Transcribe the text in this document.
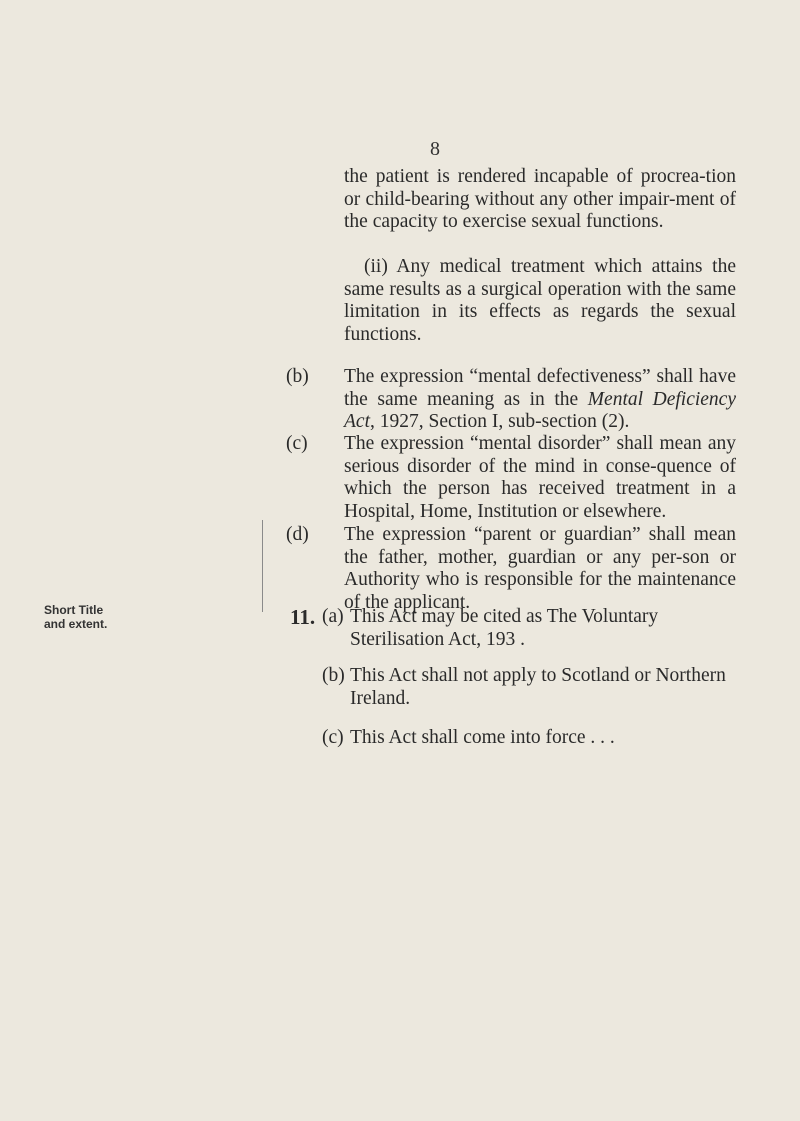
8

the patient is rendered incapable of procrea-tion or child-bearing without any other impair-ment of the capacity to exercise sexual functions.

(ii) Any medical treatment which attains the same results as a surgical operation with the same limitation in its effects as regards the sexual functions.

(b) The expression “mental defectiveness” shall have the same meaning as in the Mental Deficiency Act, 1927, Section I, sub-section (2).

(c) The expression “mental disorder” shall mean any serious disorder of the mind in conse-quence of which the person has received treatment in a Hospital, Home, Institution or elsewhere.

(d) The expression “parent or guardian” shall mean the father, mother, guardian or any per-son or Authority who is responsible for the maintenance of the applicant.

Short Title
and extent.	11. (a) This Act may be cited as The Voluntary Sterilisation Act, 193 .
(b) This Act shall not apply to Scotland or Northern Ireland.
(c) This Act shall come into force . . .
